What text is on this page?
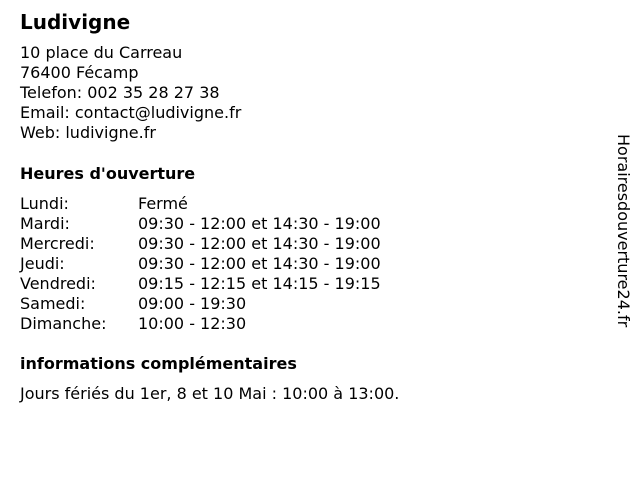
Ludivigne
10 place du Carreau
76400 Fécamp
Telefon: 002 35 28 27 38
Email: contact@ludivigne.fr
Web: ludivigne.fr
Heures d'ouverture
Lundi:	Fermé
Mardi:	09:30 - 12:00 et 14:30 - 19:00
Mercredi:	09:30 - 12:00 et 14:30 - 19:00
Jeudi:	09:30 - 12:00 et 14:30 - 19:00
Vendredi:	09:15 - 12:15 et 14:15 - 19:15
Samedi:	09:00 - 19:30
Dimanche:	10:00 - 12:30
informations complémentaires
Jours fériés du 1er, 8 et 10 Mai : 10:00 à 13:00.
Horairesdouverture24.fr
